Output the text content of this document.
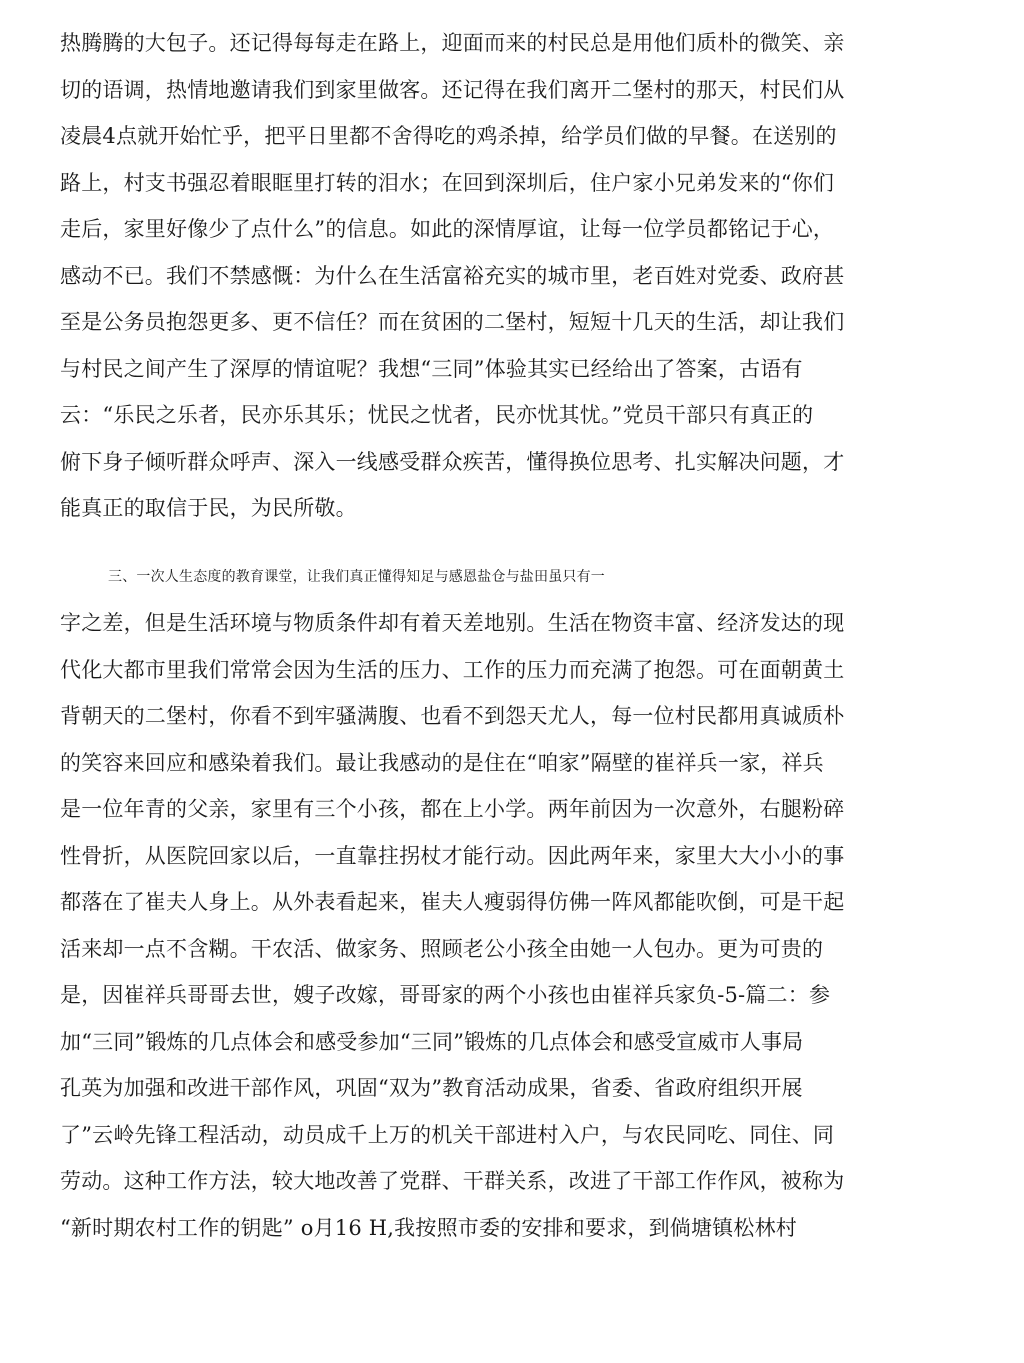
热腾腾的大包子。还记得每每走在路上，迎面而来的村民总是用他们质朴的微笑、亲
切的语调，热情地邀请我们到家里做客。还记得在我们离开二堡村的那天，村民们从
凌晨4点就开始忙乎，把平日里都不舍得吃的鸡杀掉，给学员们做的早餐。在送别的
路上，村支书强忍着眼眶里打转的泪水；在回到深圳后，住户家小兄弟发来的“你们
走后，家里好像少了点什么”的信息。如此的深情厚谊，让每一位学员都铭记于心，
感动不已。我们不禁感慨：为什么在生活富裕充实的城市里，老百姓对党委、政府甚
至是公务员抱怨更多、更不信任？而在贫困的二堡村，短短十几天的生活，却让我们
与村民之间产生了深厚的情谊呢？我想“三同”体验其实已经给出了答案，古语有
云：“乐民之乐者，民亦乐其乐；忧民之忧者，民亦忧其忧。”党员干部只有真正的
俯下身子倾听群众呼声、深入一线感受群众疾苦，懂得换位思考、扎实解决问题，才
能真正的取信于民，为民所敬。
三、一次人生态度的教育课堂，让我们真正懂得知足与感恩盐仓与盐田虽只有一
字之差，但是生活环境与物质条件却有着天差地别。生活在物资丰富、经济发达的现
代化大都市里我们常常会因为生活的压力、工作的压力而充满了抱怨。可在面朝黄土
背朝天的二堡村，你看不到牢骚满腹、也看不到怨天尤人，每一位村民都用真诚质朴
的笑容来回应和感染着我们。最让我感动的是住在“咱家”隔壁的崔祥兵一家，祥兵
是一位年青的父亲，家里有三个小孩，都在上小学。两年前因为一次意外，右腿粉碎
性骨折，从医院回家以后，一直靠拄拐杖才能行动。因此两年来，家里大大小小的事
都落在了崔夫人身上。从外表看起来，崔夫人瘦弱得仿佛一阵风都能吹倒，可是干起
活来却一点不含糊。干农活、做家务、照顾老公小孩全由她一人包办。更为可贵的
是，因崔祥兵哥哥去世，嫂子改嫁，哥哥家的两个小孩也由崔祥兵家负-5-篇二：参
加“三同”锻炼的几点体会和感受参加“三同”锻炼的几点体会和感受宣威市人事局
孔英为加强和改进干部作风，巩固“双为”教育活动成果，省委、省政府组织开展
了”云岭先锋工程活动，动员成千上万的机关干部进村入户，与农民同吃、同住、同
劳动。这种工作方法，较大地改善了党群、干群关系，改进了干部工作作风，被称为
“新时期农村工作的钥匙” o月16 H,我按照市委的安排和要求，到倘塘镇松林村
